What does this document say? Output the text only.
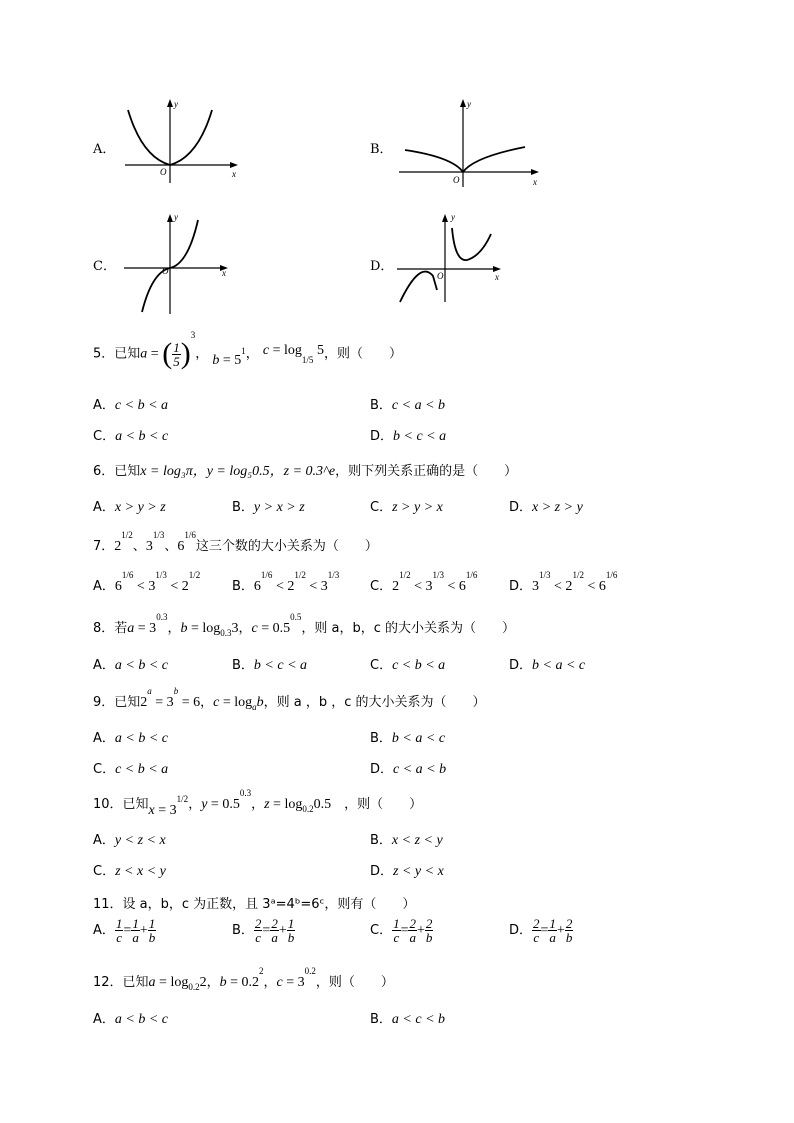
A．
y
x
O
B．
y
x
O
C．
y
x
O	D．
y
x
O
5．已知a = ( $\frac{1}{5} )^3$， $b = 5^1$， $c = \log_{1/5} 5$，则（　　）
A．c < b < a	B．c < a < b
C．a < b < c	D．b < c < a
6．已知x = log₃π，y = log₅0.5，z = 0.3^e，则下列关系正确的是（　　）
A．x > y > z	B．y > x > z	C．z > y > x	D．x > z > y
7．$2^{1/2}$、$3^{1/3}$、$6^{1/6}$这三个数的大小关系为（　　）
A．$6^{1/6} < 3^{1/3} < 2^{1/2}$
B．$6^{1/6} < 2^{1/2} < 3^{1/3}$
C．$2^{1/2} < 3^{1/3} < 6^{1/6}$
D．$3^{1/3} < 2^{1/2} < 6^{1/6}$
8．若$a = 3^{0.3}$，$b = \log_{0.3}3$，$c = 0.5^{0.5}$，则 a，b，c 的大小关系为（　　）
A．a < b < c	B．b < c < a	C．c < b < a	D．b < a < c
9．已知$2^a = 3^b = 6$，$c = \log_ab$，则 a ，b ，c 的大小关系为（　　）
A．a < b < c	B．b < a < c
C．c < b < a	D．c < a < b
10．已知$x = 3^{1/2}$，$y = 0.5^{0.3}$，$z = \log_{0.2}0.5$　，则（　　）
A．y < z < x	B．x < z < y
C．z < x < y	D．z < y < x
11．设 a，b，c 为正数，且 3ᵃ=4ᵇ=6ᶜ，则有（　　）
A． $\frac{1}{c} = \frac{1}{a} + \frac{1}{b}$	B． $\frac{2}{c} = \frac{2}{a} + \frac{1}{b}$	C． $\frac{1}{c} = \frac{2}{a} + \frac{2}{b}$	D． $\frac{2}{c} = \frac{1}{a} + \frac{2}{b}$
12．已知$a = \log_{0.2}2$，$b = 0.2^2$，$c = 3^{0.2}$，则（　　）
A．a < b < c	B．a < c < b
